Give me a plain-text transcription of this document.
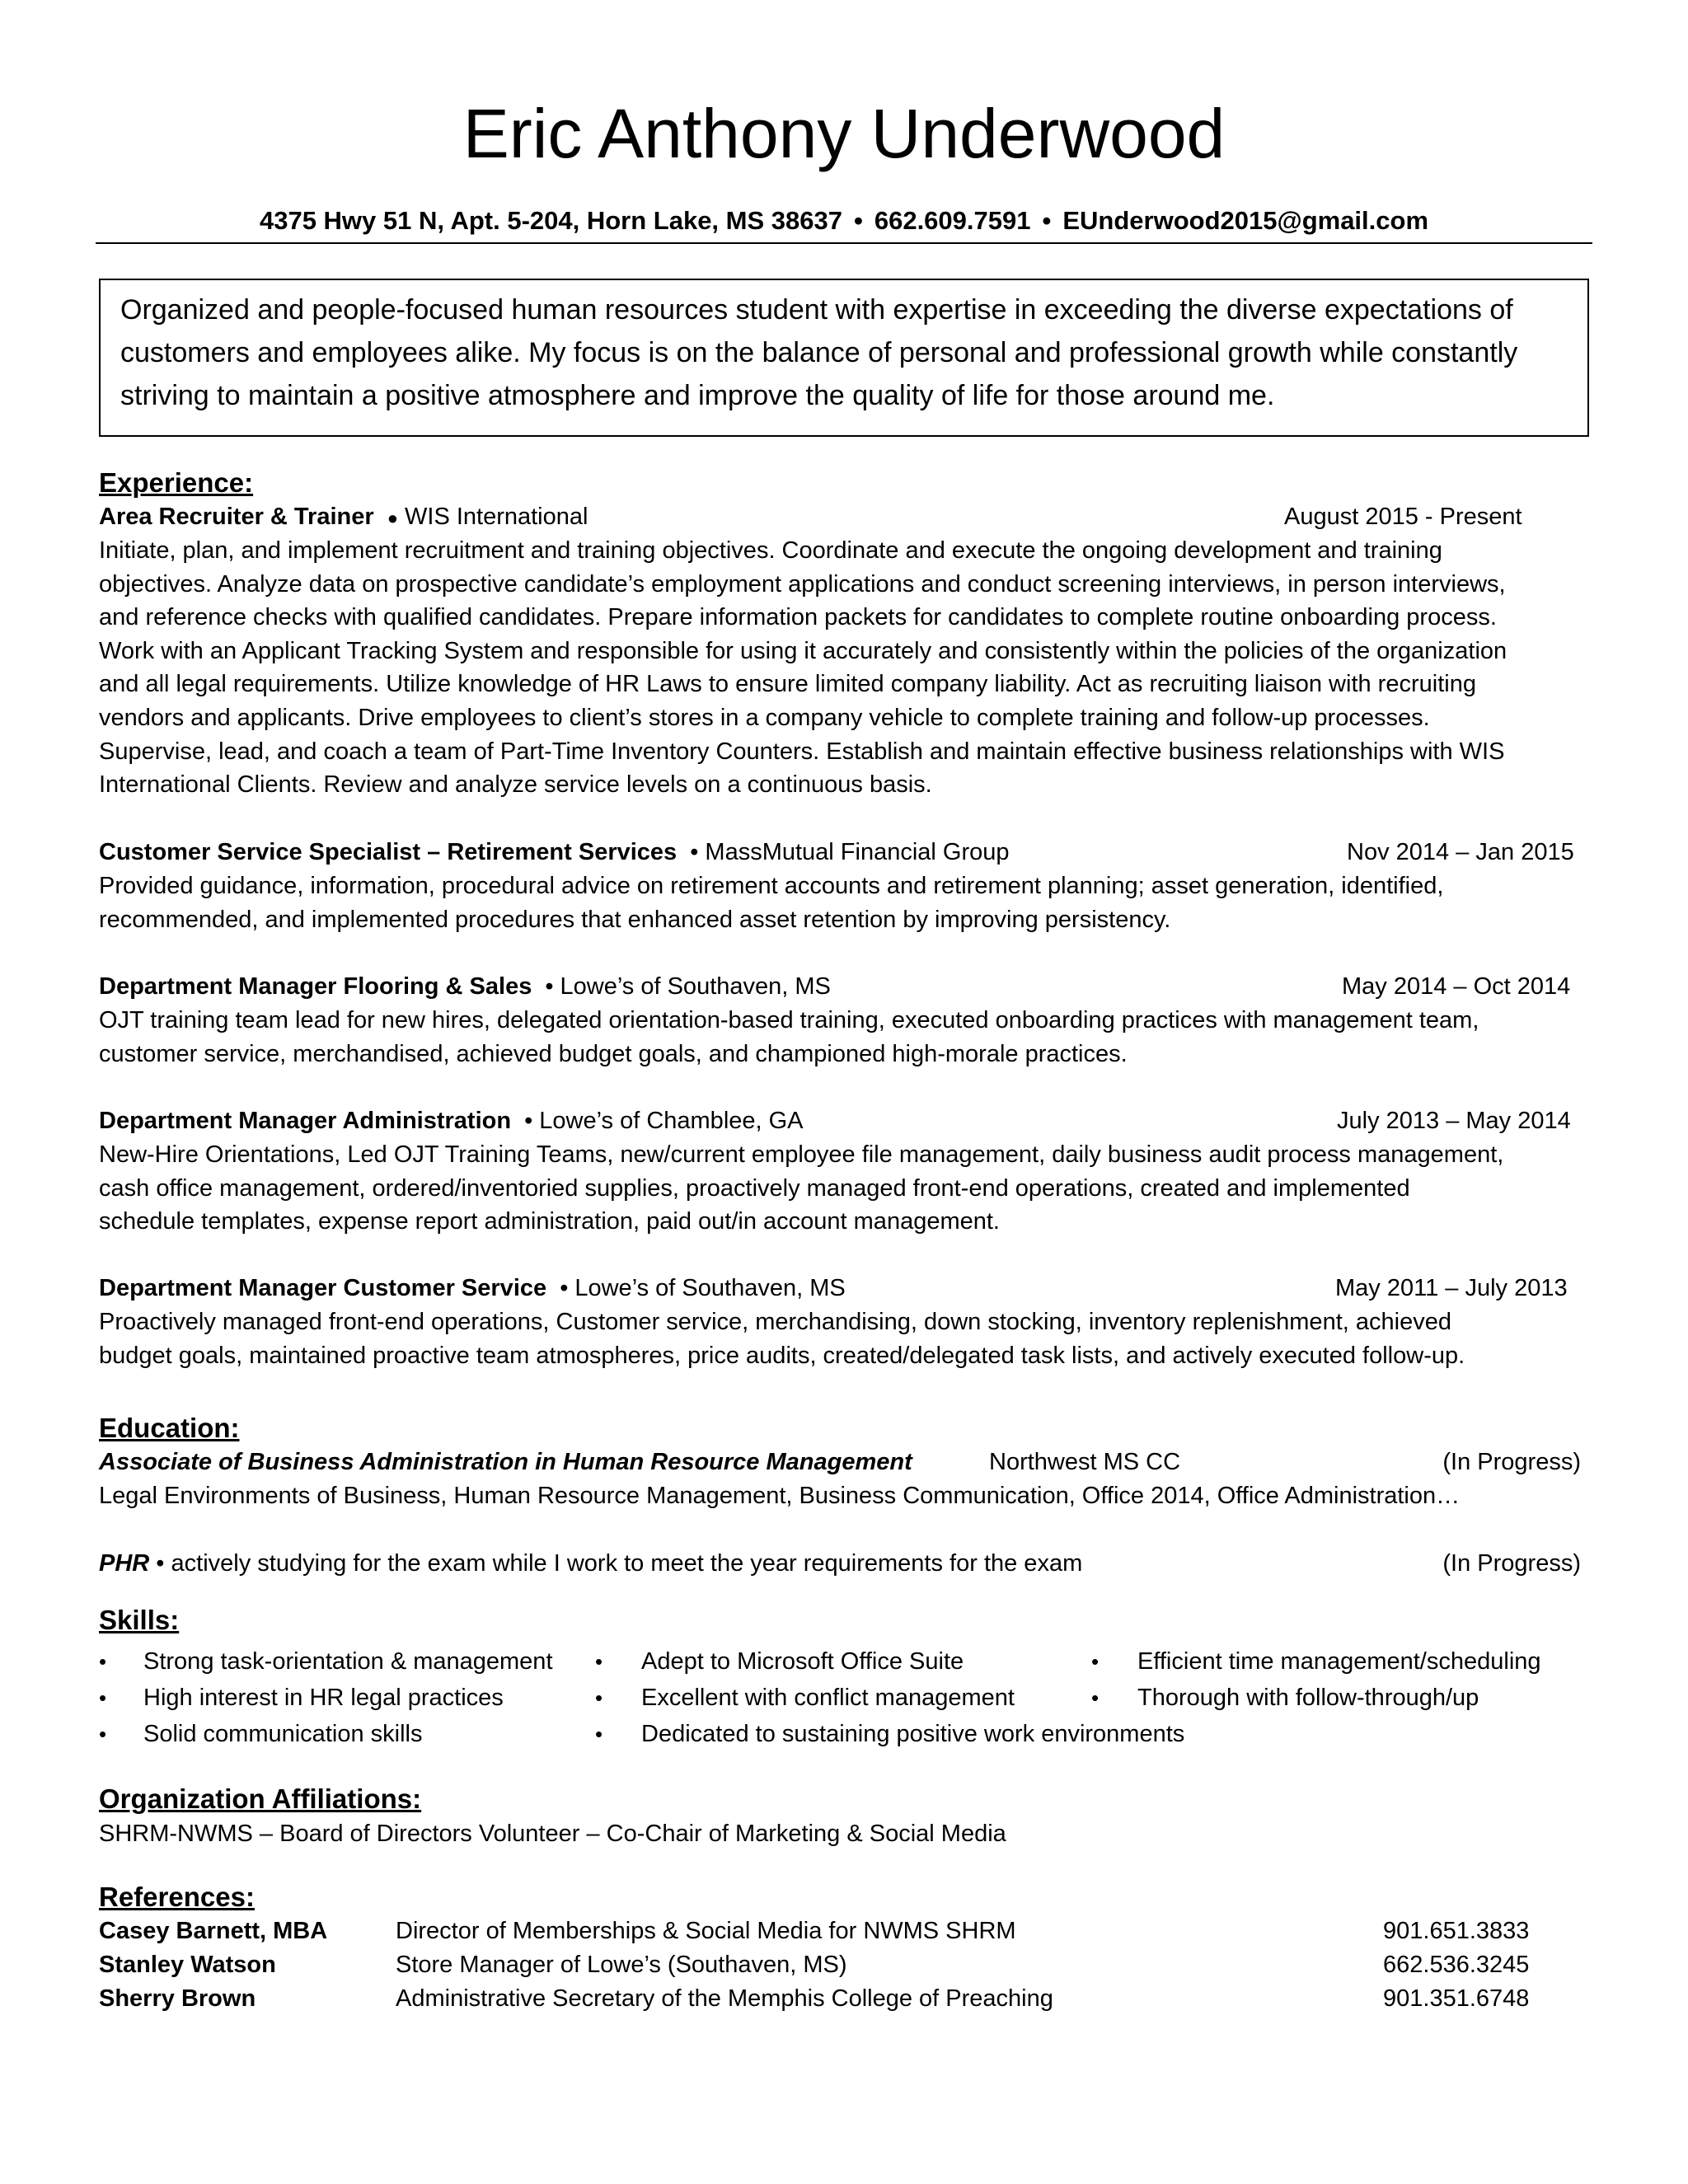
Eric Anthony Underwood
4375 Hwy 51 N, Apt. 5-204, Horn Lake, MS 38637 • 662.609.7591 • EUnderwood2015@gmail.com
Organized and people-focused human resources student with expertise in exceeding the diverse expectations of customers and employees alike. My focus is on the balance of personal and professional growth while constantly striving to maintain a positive atmosphere and improve the quality of life for those around me.
Experience:
Area Recruiter & Trainer ● WIS International	August 2015 - Present
Initiate, plan, and implement recruitment and training objectives. Coordinate and execute the ongoing development and training
objectives. Analyze data on prospective candidate’s employment applications and conduct screening interviews, in person interviews,
and reference checks with qualified candidates. Prepare information packets for candidates to complete routine onboarding process.
Work with an Applicant Tracking System and responsible for using it accurately and consistently within the policies of the organization
and all legal requirements. Utilize knowledge of HR Laws to ensure limited company liability. Act as recruiting liaison with recruiting
vendors and applicants. Drive employees to client’s stores in a company vehicle to complete training and follow-up processes.
Supervise, lead, and coach a team of Part-Time Inventory Counters. Establish and maintain effective business relationships with WIS
International Clients. Review and analyze service levels on a continuous basis.
Customer Service Specialist – Retirement Services • MassMutual Financial Group	Nov 2014 – Jan 2015
Provided guidance, information, procedural advice on retirement accounts and retirement planning; asset generation, identified,
recommended, and implemented procedures that enhanced asset retention by improving persistency.
Department Manager Flooring & Sales • Lowe’s of Southaven, MS	May 2014 – Oct 2014
OJT training team lead for new hires, delegated orientation-based training, executed onboarding practices with management team,
customer service, merchandised, achieved budget goals, and championed high-morale practices.
Department Manager Administration • Lowe’s of Chamblee, GA	July 2013 – May 2014
New-Hire Orientations, Led OJT Training Teams, new/current employee file management, daily business audit process management,
cash office management, ordered/inventoried supplies, proactively managed front-end operations, created and implemented
schedule templates, expense report administration, paid out/in account management.
Department Manager Customer Service • Lowe’s of Southaven, MS	May 2011 – July 2013
Proactively managed front-end operations, Customer service, merchandising, down stocking, inventory replenishment, achieved
budget goals, maintained proactive team atmospheres, price audits, created/delegated task lists, and actively executed follow-up.
Education:
Associate of Business Administration in Human Resource Management	Northwest MS CC	(In Progress)
Legal Environments of Business, Human Resource Management, Business Communication, Office 2014, Office Administration…
PHR • actively studying for the exam while I work to meet the year requirements for the exam	(In Progress)
Skills:
• Strong task-orientation & management
• High interest in HR legal practices
• Solid communication skills
• Adept to Microsoft Office Suite
• Excellent with conflict management
• Dedicated to sustaining positive work environments
• Efficient time management/scheduling
• Thorough with follow-through/up
Organization Affiliations:
SHRM-NWMS – Board of Directors Volunteer – Co-Chair of Marketing & Social Media
References:
Casey Barnett, MBA	Director of Memberships & Social Media for NWMS SHRM	901.651.3833
Stanley Watson	Store Manager of Lowe’s (Southaven, MS)	662.536.3245
Sherry Brown	Administrative Secretary of the Memphis College of Preaching	901.351.6748
